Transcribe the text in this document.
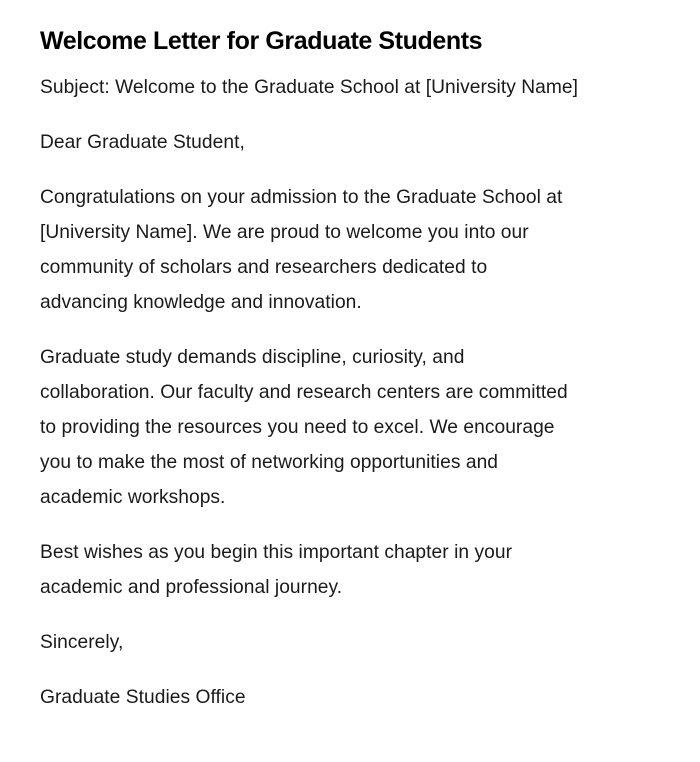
Welcome Letter for Graduate Students

Subject: Welcome to the Graduate School at [University Name]

Dear Graduate Student,

Congratulations on your admission to the Graduate School at
[University Name]. We are proud to welcome you into our
community of scholars and researchers dedicated to
advancing knowledge and innovation.

Graduate study demands discipline, curiosity, and
collaboration. Our faculty and research centers are committed
to providing the resources you need to excel. We encourage
you to make the most of networking opportunities and
academic workshops.

Best wishes as you begin this important chapter in your
academic and professional journey.

Sincerely,

Graduate Studies Office
